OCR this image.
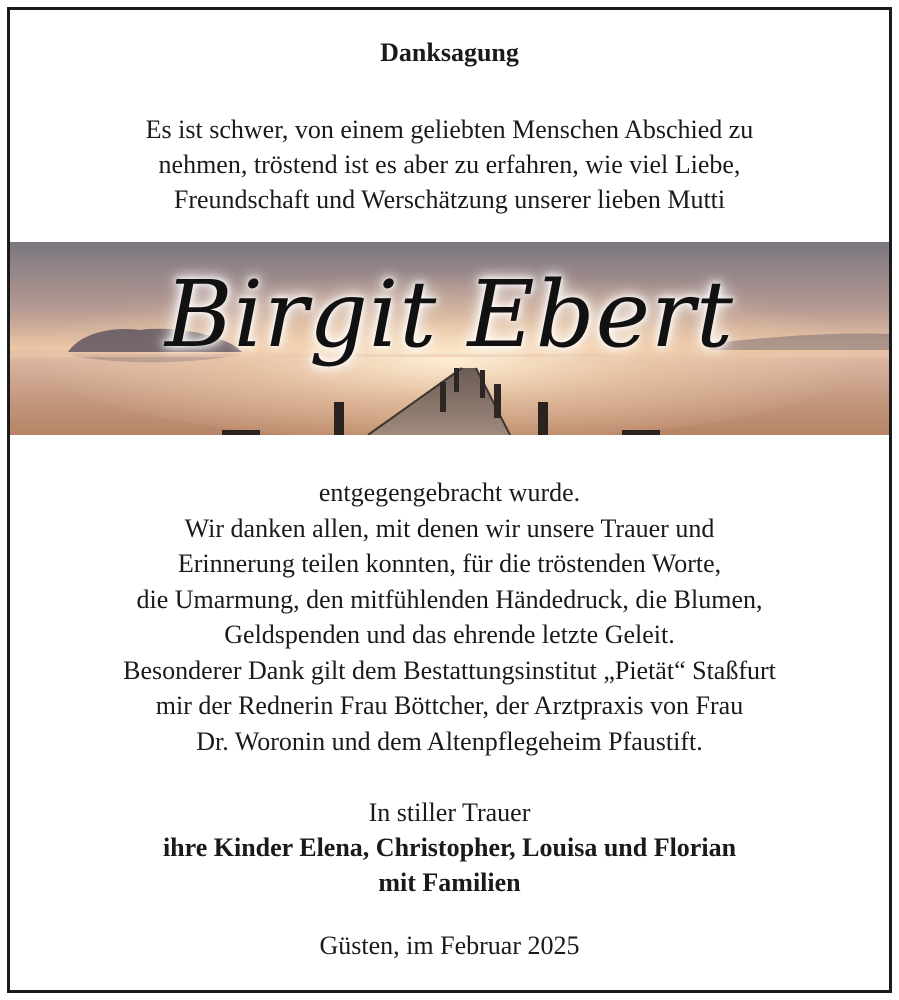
Danksagung
Es ist schwer, von einem geliebten Menschen Abschied zu
nehmen, tröstend ist es aber zu erfahren, wie viel Liebe,
Freundschaft und Werschätzung unserer lieben Mutti
Birgit Ebert
entgegengebracht wurde.
Wir danken allen, mit denen wir unsere Trauer und
Erinnerung teilen konnten, für die tröstenden Worte,
die Umarmung, den mitfühlenden Händedruck, die Blumen,
Geldspenden und das ehrende letzte Geleit.
Besonderer Dank gilt dem Bestattungsinstitut „Pietät“ Staßfurt
mir der Rednerin Frau Böttcher, der Arztpraxis von Frau
Dr. Woronin und dem Altenpflegeheim Pfaustift.
In stiller Trauer
ihre Kinder Elena, Christopher, Louisa und Florian
mit Familien
Güsten, im Februar 2025
